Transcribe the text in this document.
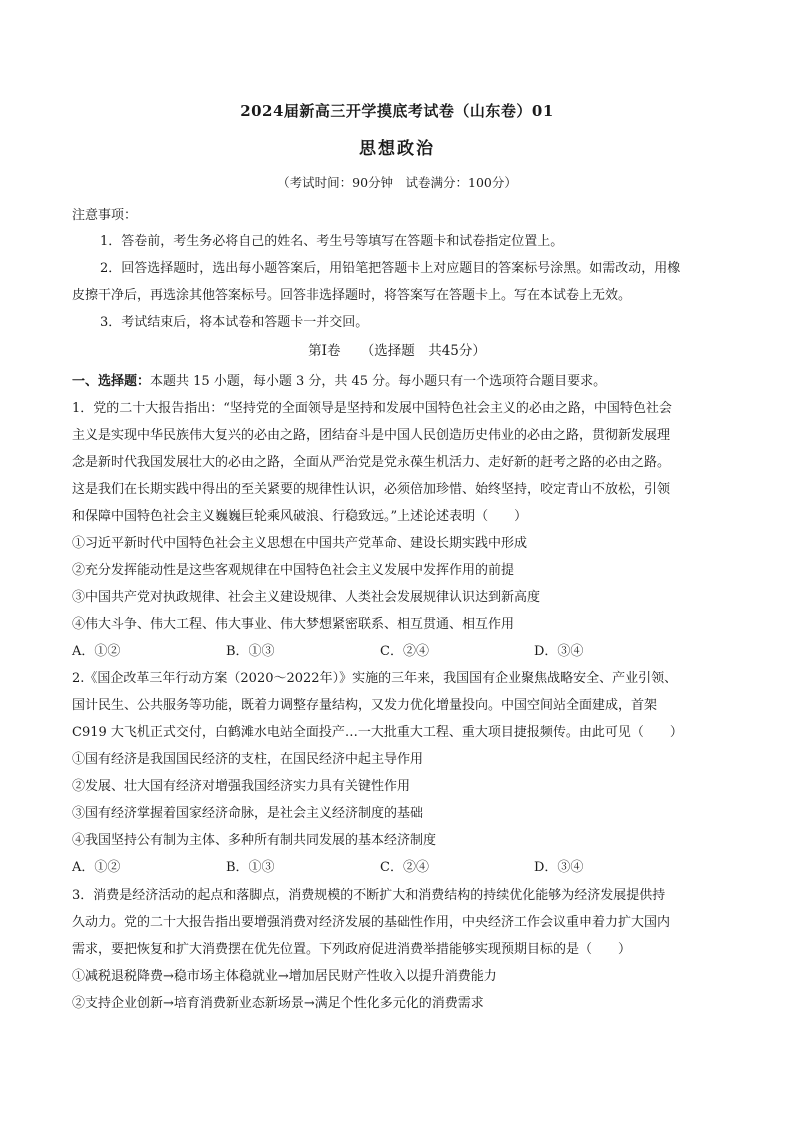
2024届新高三开学摸底考试卷（山东卷）01
思想政治
（考试时间：90分钟　试卷满分：100分）
注意事项：
1．答卷前，考生务必将自己的姓名、考生号等填写在答题卡和试卷指定位置上。
2．回答选择题时，选出每小题答案后，用铅笔把答题卡上对应题目的答案标号涂黑。如需改动，用橡
皮擦干净后，再选涂其他答案标号。回答非选择题时，将答案写在答题卡上。写在本试卷上无效。
3．考试结束后，将本试卷和答题卡一并交回。
第Ⅰ卷　　（选择题　共45分）
一、选择题：本题共 15 小题，每小题 3 分，共 45 分。每小题只有一个选项符合题目要求。
1．党的二十大报告指出：“坚持党的全面领导是坚持和发展中国特色社会主义的必由之路，中国特色社会
主义是实现中华民族伟大复兴的必由之路，团结奋斗是中国人民创造历史伟业的必由之路，贯彻新发展理
念是新时代我国发展壮大的必由之路，全面从严治党是党永葆生机活力、走好新的赶考之路的必由之路。
这是我们在长期实践中得出的至关紧要的规律性认识，必须倍加珍惜、始终坚持，咬定青山不放松，引领
和保障中国特色社会主义巍巍巨轮乘风破浪、行稳致远。”上述论述表明（　　）
①习近平新时代中国特色社会主义思想在中国共产党革命、建设长期实践中形成
②充分发挥能动性是这些客观规律在中国特色社会主义发展中发挥作用的前提
③中国共产党对执政规律、社会主义建设规律、人类社会发展规律认识达到新高度
④伟大斗争、伟大工程、伟大事业、伟大梦想紧密联系、相互贯通、相互作用
A．①②	B．①③	C．②④	D．③④
2.《国企改革三年行动方案（2020～2022年）》实施的三年来，我国国有企业聚焦战略安全、产业引领、
国计民生、公共服务等功能，既着力调整存量结构，又发力优化增量投向。中国空间站全面建成，首架
C919 大飞机正式交付，白鹤滩水电站全面投产…一大批重大工程、重大项目捷报频传。由此可见（　　）
①国有经济是我国国民经济的支柱，在国民经济中起主导作用
②发展、壮大国有经济对增强我国经济实力具有关键性作用
③国有经济掌握着国家经济命脉，是社会主义经济制度的基础
④我国坚持公有制为主体、多种所有制共同发展的基本经济制度
A．①②	B．①③	C．②④	D．③④
3．消费是经济活动的起点和落脚点，消费规模的不断扩大和消费结构的持续优化能够为经济发展提供持
久动力。党的二十大报告指出要增强消费对经济发展的基础性作用，中央经济工作会议重申着力扩大国内
需求，要把恢复和扩大消费摆在优先位置。下列政府促进消费举措能够实现预期目标的是（　　）
①减税退税降费→稳市场主体稳就业→增加居民财产性收入以提升消费能力
②支持企业创新→培育消费新业态新场景→满足个性化多元化的消费需求
